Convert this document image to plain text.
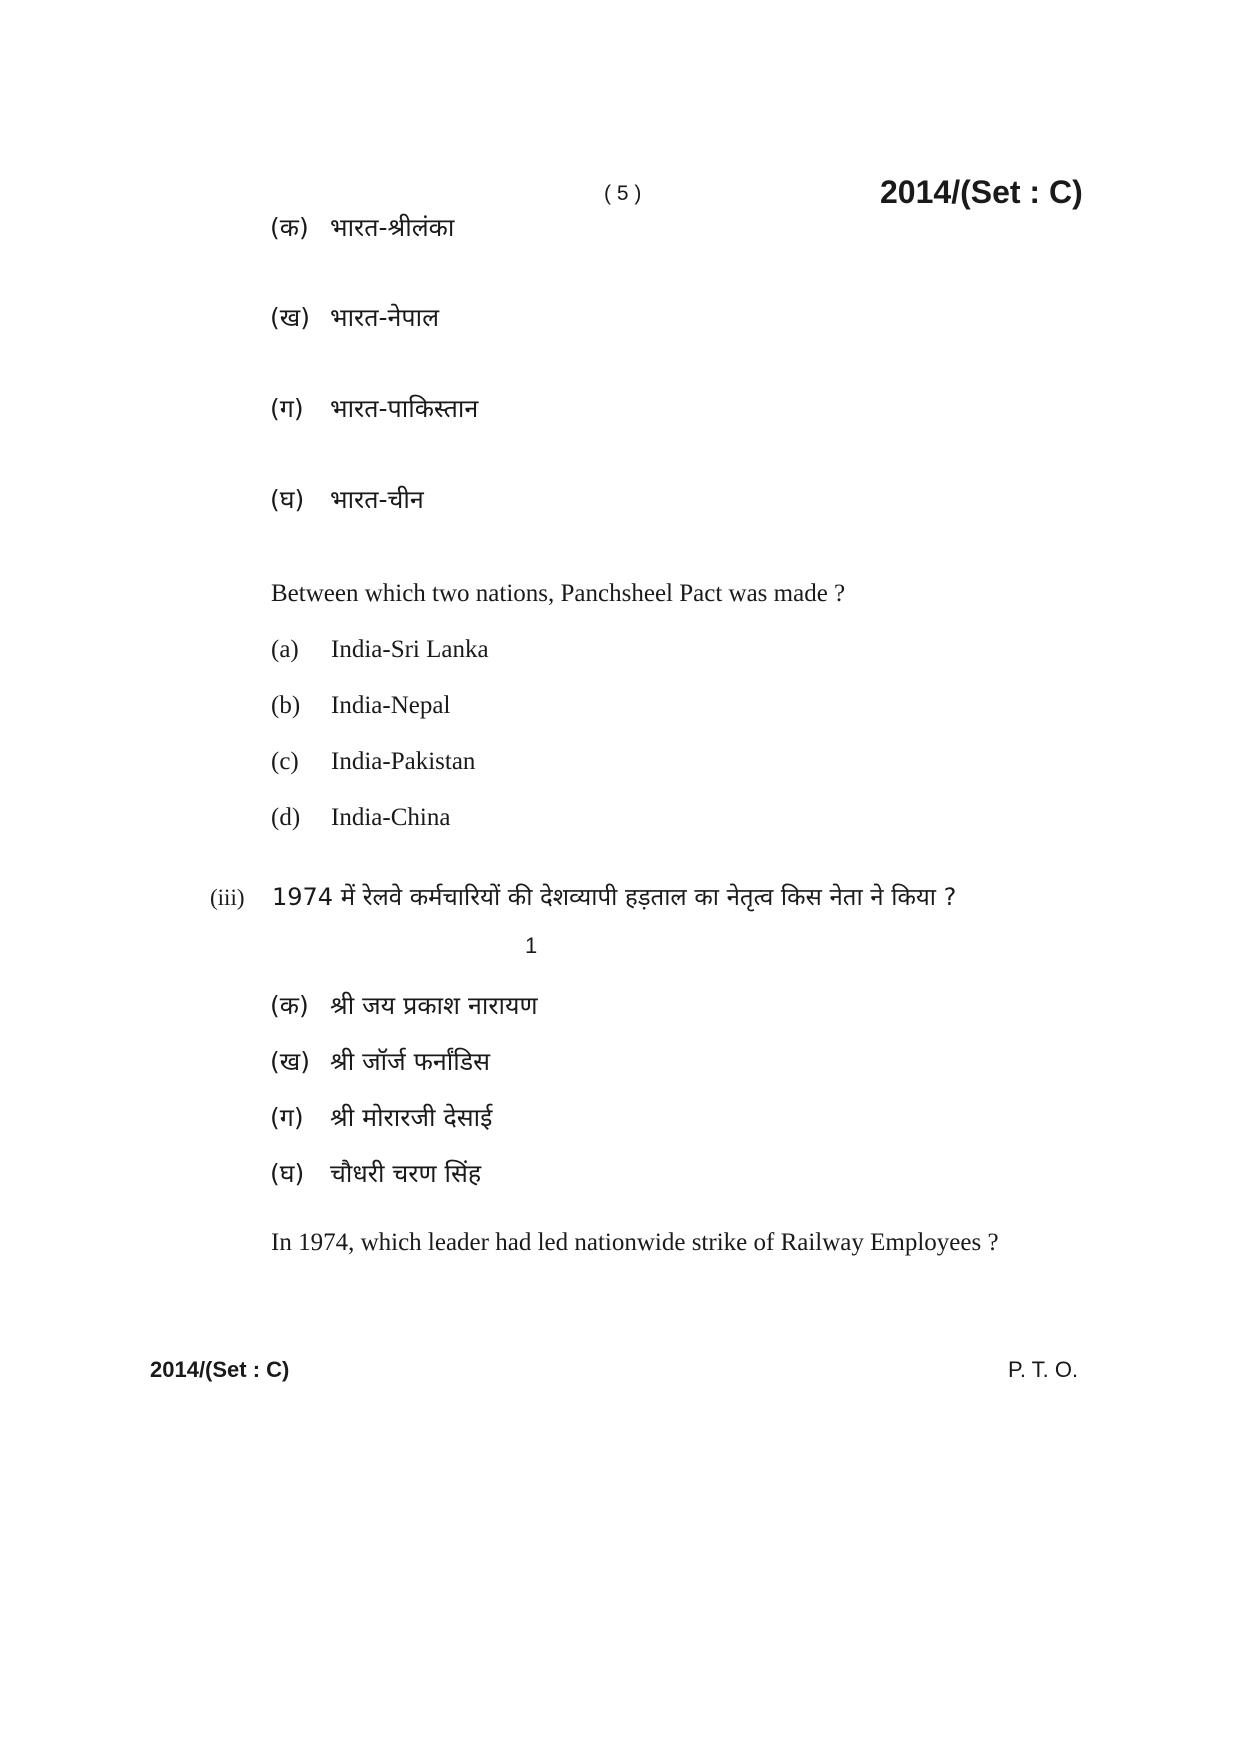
( 5 )	2014/(Set : C)
(क) भारत-श्रीलंका
(ख) भारत-नेपाल
(ग) भारत-पाकिस्तान
(घ) भारत-चीन
Between which two nations, Panchsheel Pact was made ?
(a) India-Sri Lanka
(b) India-Nepal
(c) India-Pakistan
(d) India-China
(iii) 1974 में रेलवे कर्मचारियों की देशव्यापी हड़ताल का नेतृत्व किस नेता ने किया ?
1
(क) श्री जय प्रकाश नारायण
(ख) श्री जॉर्ज फर्नांडिस
(ग) श्री मोरारजी देसाई
(घ) चौधरी चरण सिंह
In 1974, which leader had led nationwide strike of Railway Employees ?
2014/(Set : C)	P. T. O.
